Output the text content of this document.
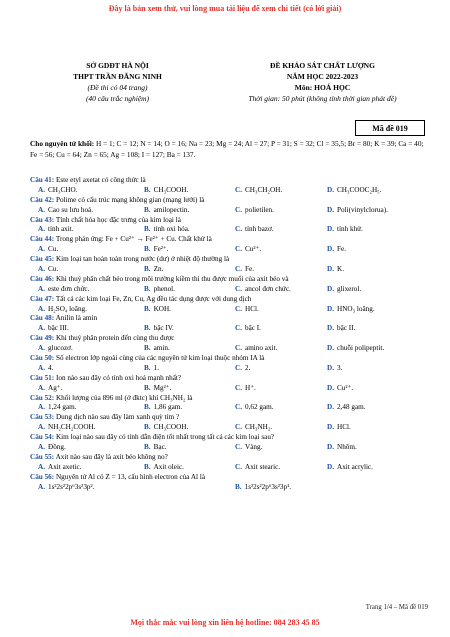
Đây là bản xem thử, vui lòng mua tài liệu để xem chi tiết (có lời giải)
SỞ GDĐT HÀ NỘI
THPT TRẦN ĐĂNG NINH
(Đề thi có 04 trang)
(40 câu trắc nghiệm)
ĐỀ KHẢO SÁT CHẤT LƯỢNG
NĂM HỌC 2022-2023
Môn: HOÁ HỌC
Thời gian: 50 phút (không tính thời gian phát đề)
Mã đề 019
Cho nguyên tử khối: H = 1; C = 12; N = 14; O = 16; Na = 23; Mg = 24; Al = 27; P = 31; S = 32; Cl = 35,5; Br = 80; K = 39; Ca = 40; Fe = 56; Cu = 64; Zn = 65; Ag = 108; I = 127; Ba = 137.
Câu 41: Este etyl axetat có công thức là
A. CH₃CHO.	B. CH₃COOH.	C. CH₃CH₂OH.	D. CH₃COOC₂H₅.
Câu 42: Polime có cấu trúc mạng không gian (mạng lưới) là
A. Cao su lưu hoá.	B. amilopectin.	C. polietilen.	D. Poli(vinylclorua).
Câu 43: Tính chất hóa học đặc trưng của kim loại là
A. tính axit.	B. tính oxi hóa.	C. tính bazơ.	D. tính khử.
Câu 44: Trong phản ứng: Fe + Cu²⁺ → Fe²⁺ + Cu. Chất khử là
A. Cu.	B. Fe²⁺.	C. Cu²⁺.	D. Fe.
Câu 45: Kim loại tan hoàn toàn trong nước (dư) ở nhiệt độ thường là
A. Cu.	B. Zn.	C. Fe.	D. K.
Câu 46: Khi thuỷ phân chất béo trong môi trường kiềm thì thu được muối của axit béo và
A. este đơn chức.	B. phenol.	C. ancol đơn chức.	D. glixerol.
Câu 47: Tất cả các kim loại Fe, Zn, Cu, Ag đều tác dụng được với dung dịch
A. H₂SO₄ loãng.	B. KOH.	C. HCl.	D. HNO₃ loãng.
Câu 48: Anilin là amin
A. bậc III.	B. bậc IV.	C. bậc I.	D. bậc II.
Câu 49: Khi thuỷ phân protein đến cùng thu được
A. glucozơ.	B. amin.	C. amino axit.	D. chuỗi polipeptit.
Câu 50: Số electron lớp ngoài cùng của các nguyên tử kim loại thuộc nhóm IA là
A. 4.	B. 1.	C. 2.	D. 3.
Câu 51: Ion nào sau đây có tính oxi hoá mạnh nhất?
A. Ag⁺.	B. Mg²⁺.	C. H⁺.	D. Cu²⁺.
Câu 52: Khối lượng của 896 ml (ở đktc) khí CH₃NH₂ là
A. 1,24 gam.	B. 1,86 gam.	C. 0,62 gam.	D. 2,48 gam.
Câu 53: Dung dịch nào sau đây làm xanh quỳ tím ?
A. NH₂CH₂COOH.	B. CH₃COOH.	C. CH₃NH₂.	D. HCl.
Câu 54: Kim loại nào sau đây có tính dẫn điện tốt nhất trong tất cả các kim loại sau?
A. Đồng.	B. Bạc.	C. Vàng.	D. Nhôm.
Câu 55: Axit nào sau đây là axit béo không no?
A. Axit axetic.	B. Axit oleic.	C. Axit stearic.	D. Axit acrylic.
Câu 56: Nguyên tử Al có Z = 13, cấu hình electron của Al là
A. 1s²2s²2p⁶3s²3p².	B. 1s²2s²2p⁶3s²3p¹.
Trang 1/4 – Mã đề 019
Mọi thắc mắc vui lòng xin liên hệ hotline: 084 283 45 85
